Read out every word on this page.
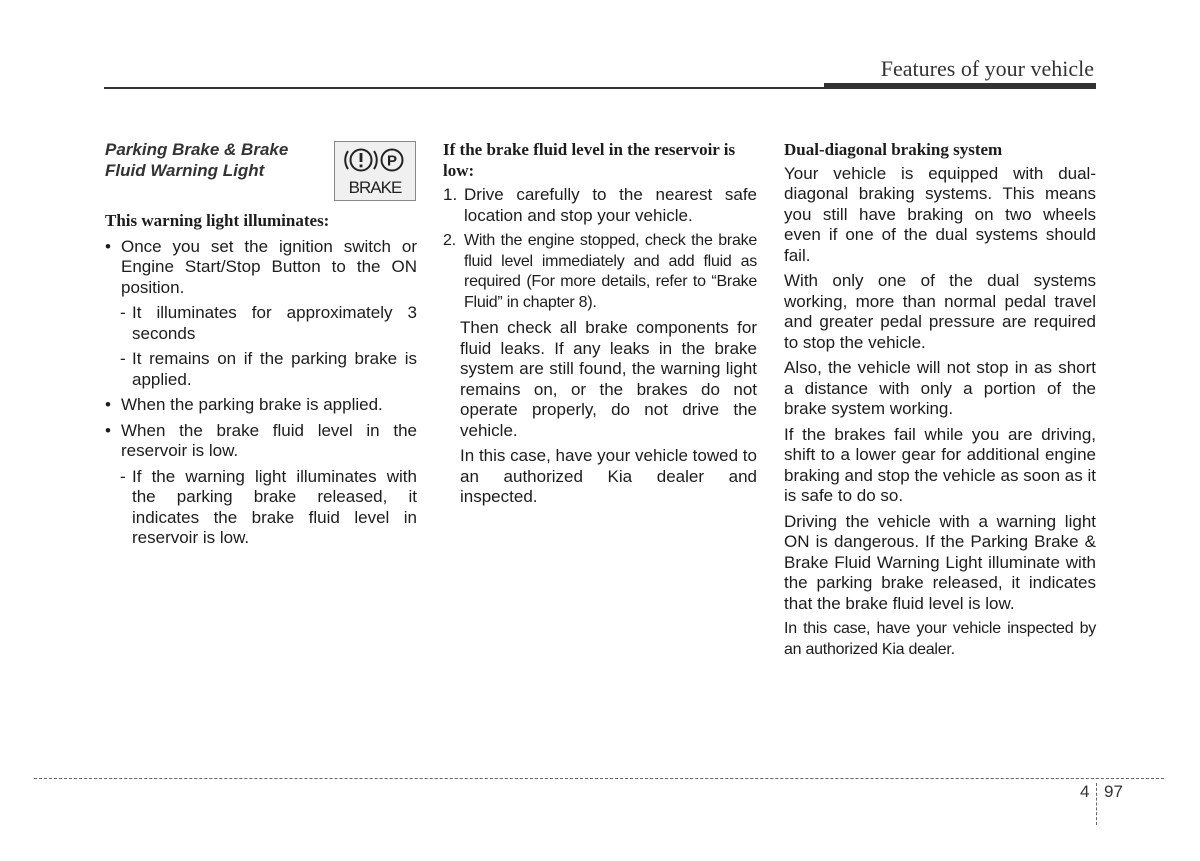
Features of your vehicle

Parking Brake & Brake Fluid Warning Light	P
BRAKE

This warning light illuminates:

• Once you set the ignition switch or Engine Start/Stop Button to the ON position.
- It illuminates for approximately 3 seconds
- It remains on if the parking brake is applied.
• When the parking brake is applied.
• When the brake fluid level in the reservoir is low.
- If the warning light illuminates with the parking brake released, it indicates the brake fluid level in reservoir is low.

If the brake fluid level in the reservoir is low:

1. Drive carefully to the nearest safe location and stop your vehicle.
2. With the engine stopped, check the brake fluid level immediately and add fluid as required (For more details, refer to “Brake Fluid” in chapter 8).

Then check all brake components for fluid leaks. If any leaks in the brake system are still found, the warning light remains on, or the brakes do not operate properly, do not drive the vehicle.

In this case, have your vehicle towed to an authorized Kia dealer and inspected.

Dual-diagonal braking system

Your vehicle is equipped with dual-diagonal braking systems. This means you still have braking on two wheels even if one of the dual systems should fail.

With only one of the dual systems working, more than normal pedal travel and greater pedal pressure are required to stop the vehicle.

Also, the vehicle will not stop in as short a distance with only a portion of the brake system working.

If the brakes fail while you are driving, shift to a lower gear for additional engine braking and stop the vehicle as soon as it is safe to do so.

Driving the vehicle with a warning light ON is dangerous. If the Parking Brake & Brake Fluid Warning Light illuminate with the parking brake released, it indicates that the brake fluid level is low.

In this case, have your vehicle inspected by an authorized Kia dealer.

4 97
